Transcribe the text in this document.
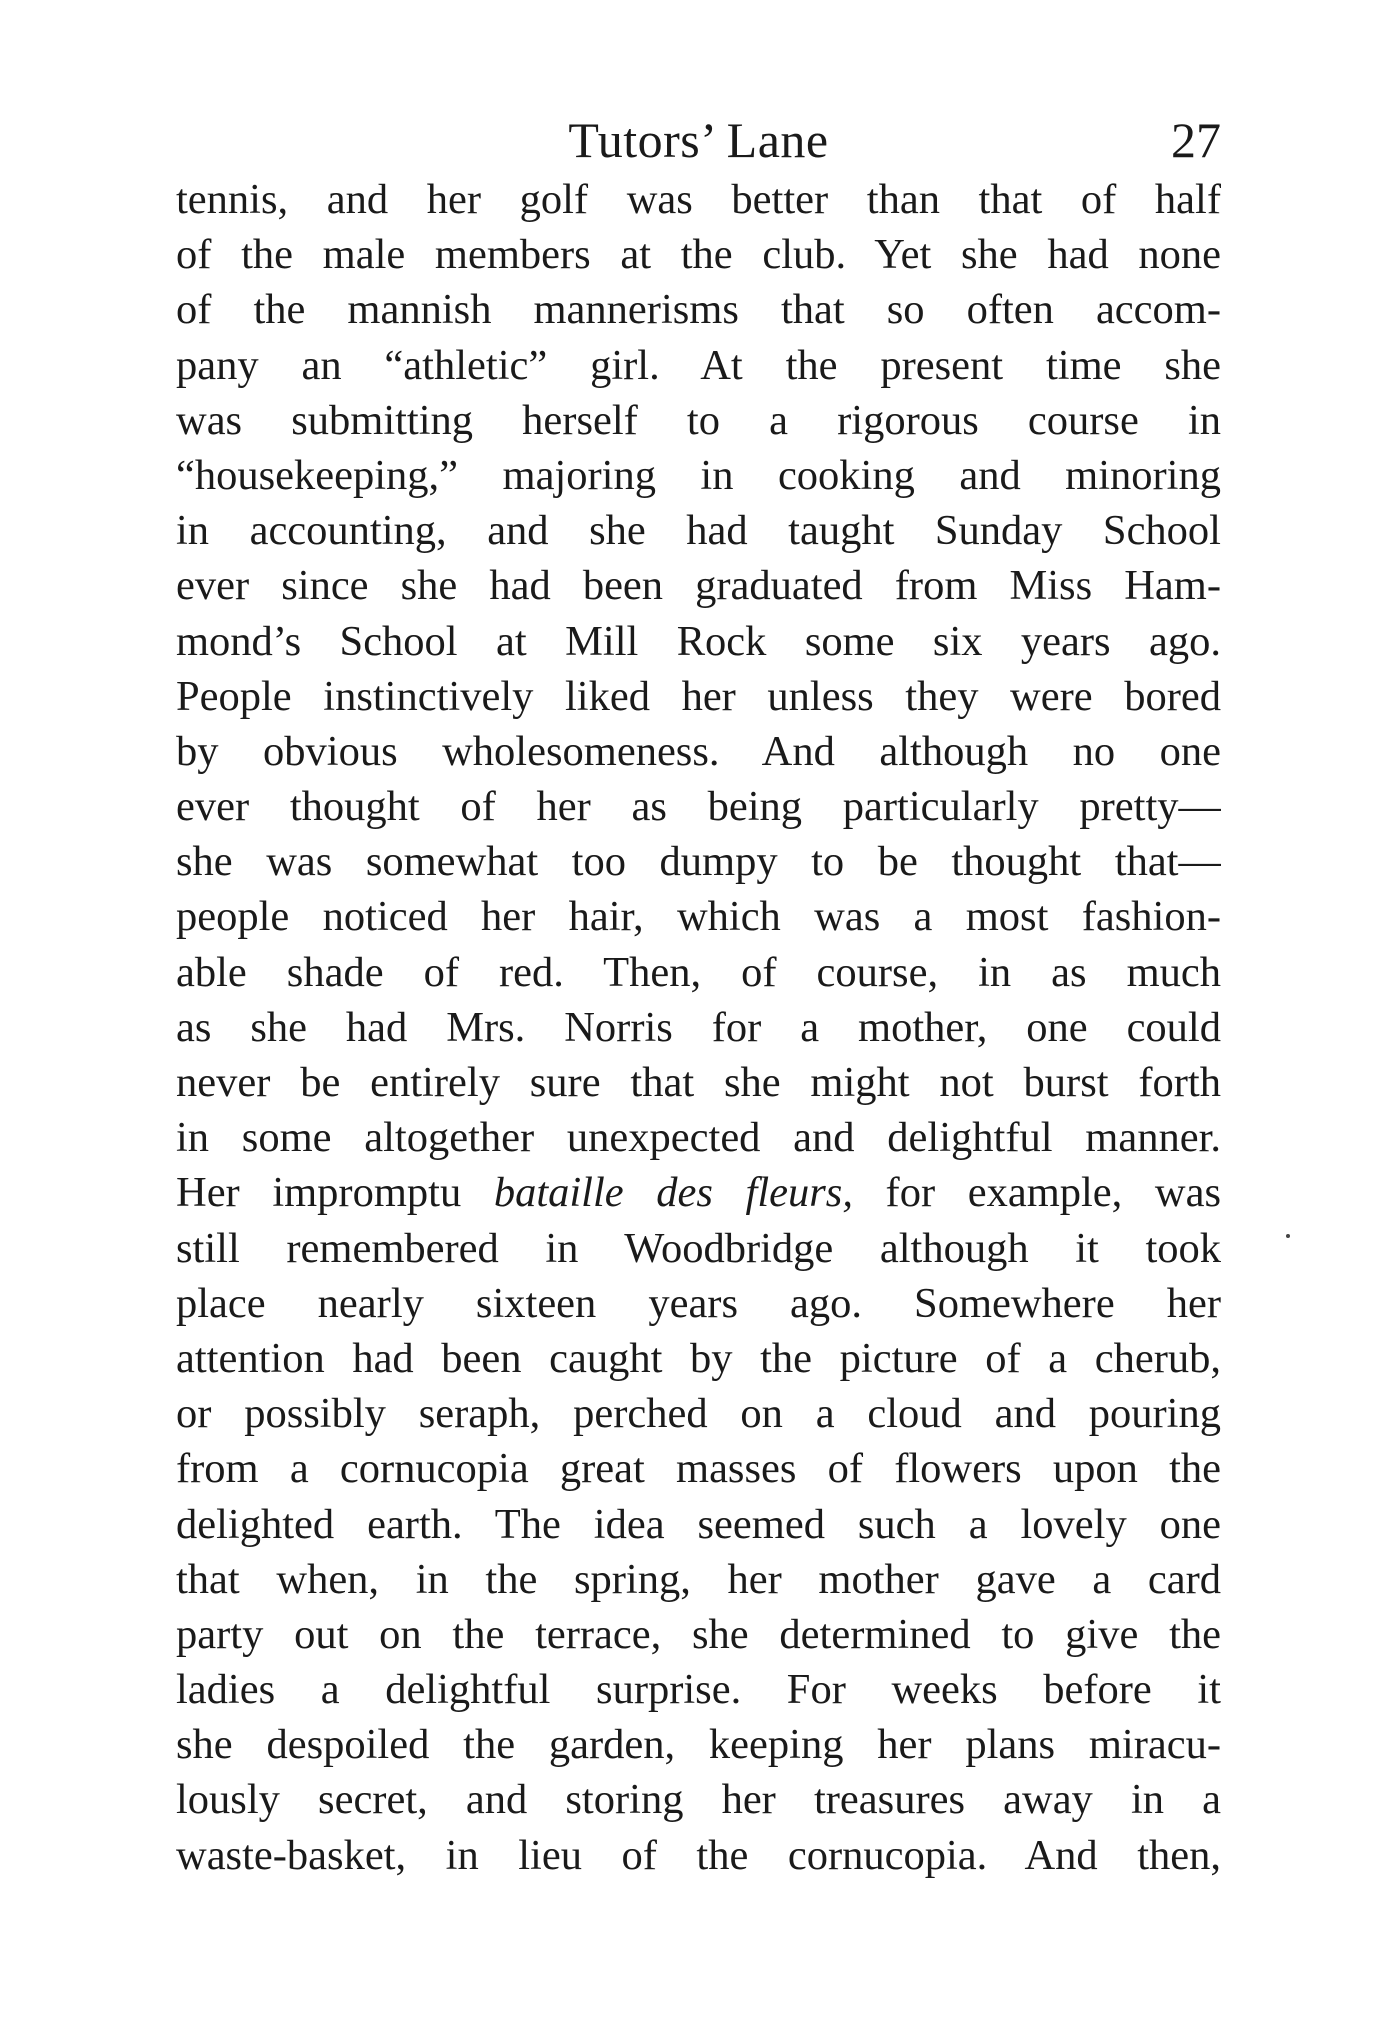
Tutors’ Lane	27
tennis, and her golf was better than that of half
of the male members at the club. Yet she had none
of the mannish mannerisms that so often accom-
pany an “athletic” girl. At the present time she
was submitting herself to a rigorous course in
“housekeeping,” majoring in cooking and minoring
in accounting, and she had taught Sunday School
ever since she had been graduated from Miss Ham-
mond’s School at Mill Rock some six years ago.
People instinctively liked her unless they were bored
by obvious wholesomeness. And although no one
ever thought of her as being particularly pretty—
she was somewhat too dumpy to be thought that—
people noticed her hair, which was a most fashion-
able shade of red. Then, of course, in as much
as she had Mrs. Norris for a mother, one could
never be entirely sure that she might not burst forth
in some altogether unexpected and delightful manner.
Her impromptu bataille des fleurs, for example, was
still remembered in Woodbridge although it took
place nearly sixteen years ago. Somewhere her
attention had been caught by the picture of a cherub,
or possibly seraph, perched on a cloud and pouring
from a cornucopia great masses of flowers upon the
delighted earth. The idea seemed such a lovely one
that when, in the spring, her mother gave a card
party out on the terrace, she determined to give the
ladies a delightful surprise. For weeks before it
she despoiled the garden, keeping her plans miracu-
lously secret, and storing her treasures away in a
waste-basket, in lieu of the cornucopia. And then,
